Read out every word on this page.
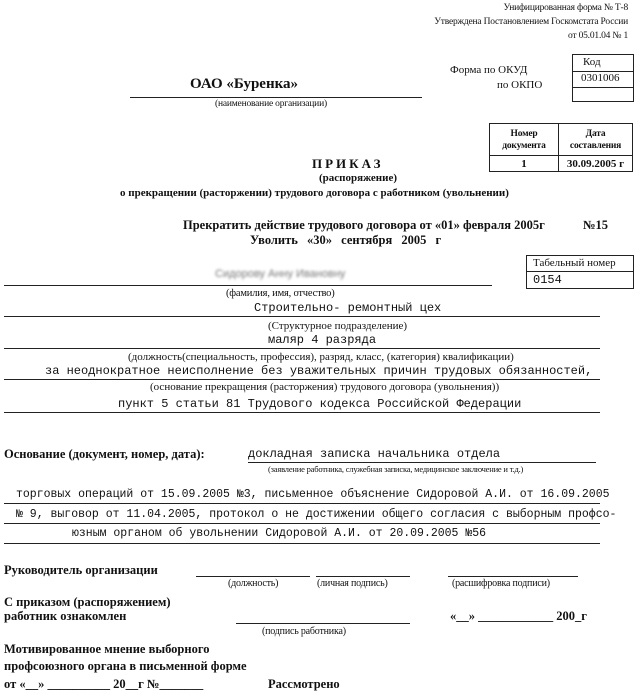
Унифицированная форма № Т-8
Утверждена Постановлением Госкомстата России
от 05.01.04 № 1
Код
0301006
Форма по ОКУД
по ОКПО
ОАО «Буренка»
(наименование организации)
Номер документа	Дата составления
1	30.09.2005 г
ПРИКАЗ
(распоряжение)
о прекращении (расторжении) трудового договора с работником (увольнении)
Прекратить действие трудового договора от «01» февраля 2005г	№15
Уволить «30» сентября 2005 г
Табельный номер
0154
Сидорову Анну Ивановну
(фамилия, имя, отчество)
Строительно- ремонтный цех
(Структурное подразделение)
маляр 4 разряда
(должность(специальность, профессия), разряд, класс, (категория) квалификации)
за неоднократное неисполнение без уважительных причин трудовых обязанностей,
(основание прекращения (расторжения) трудового договора (увольнения))
пункт 5 статьи 81 Трудового кодекса Российской Федерации
Основание (документ, номер, дата):	докладная записка начальника отдела
(заявление работника, служебная записка, медицинское заключение и т.д.)
торговых операций от 15.09.2005 №3, письменное объяснение Сидоровой А.И. от 16.09.2005
№ 9, выговор от 11.04.2005, протокол о не достижении общего согласия с выборным профсо-
юзным органом об увольнении Сидоровой А.И. от 20.09.2005 №56
Руководитель организации
(должность)	(личная подпись)	(расшифровка подписи)
С приказом (распоряжением)
работник ознакомлен
(подпись работника)
«__» ____________ 200_г
Мотивированное мнение выборного
профсоюзного органа в письменной форме
от «__» __________ 20__г №_______	Рассмотрено
